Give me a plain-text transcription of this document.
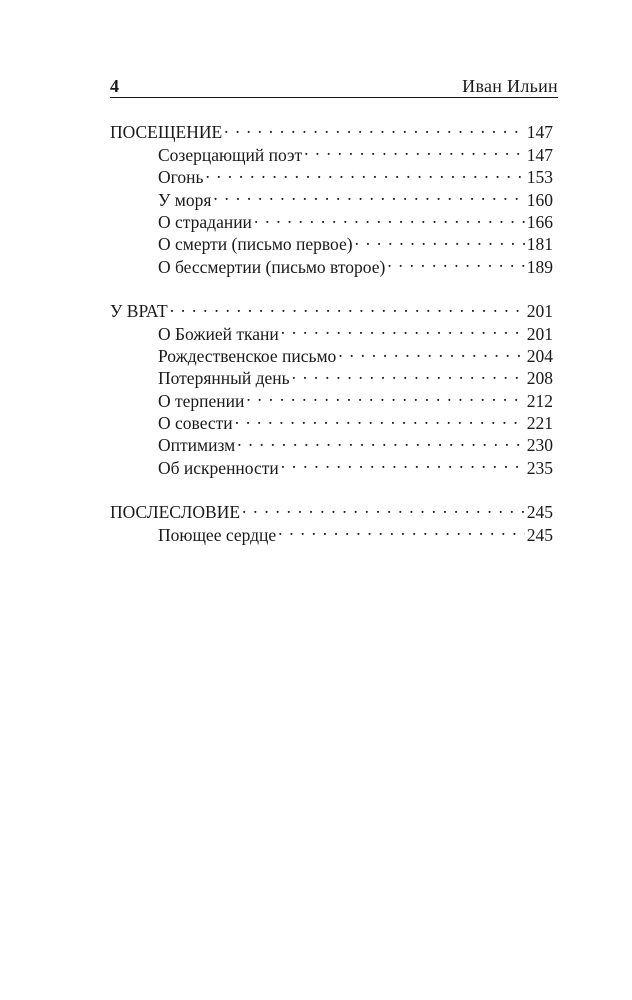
4	Иван Ильин
ПОСЕЩЕНИЕ . . .	147
Созерцающий поэт . . .	147
Огонь . . .	153
У моря . . .	160
О страдании . . .	166
О смерти (письмо первое) . . .	181
О бессмертии (письмо второе) . . .	189
У ВРАТ . . .	201
О Божией ткани . . .	201
Рождественское письмо . . .	204
Потерянный день . . .	208
О терпении . . .	212
О совести . . .	221
Оптимизм . . .	230
Об искренности . . .	235
ПОСЛЕСЛОВИЕ . . .	245
Поющее сердце . . .	245
